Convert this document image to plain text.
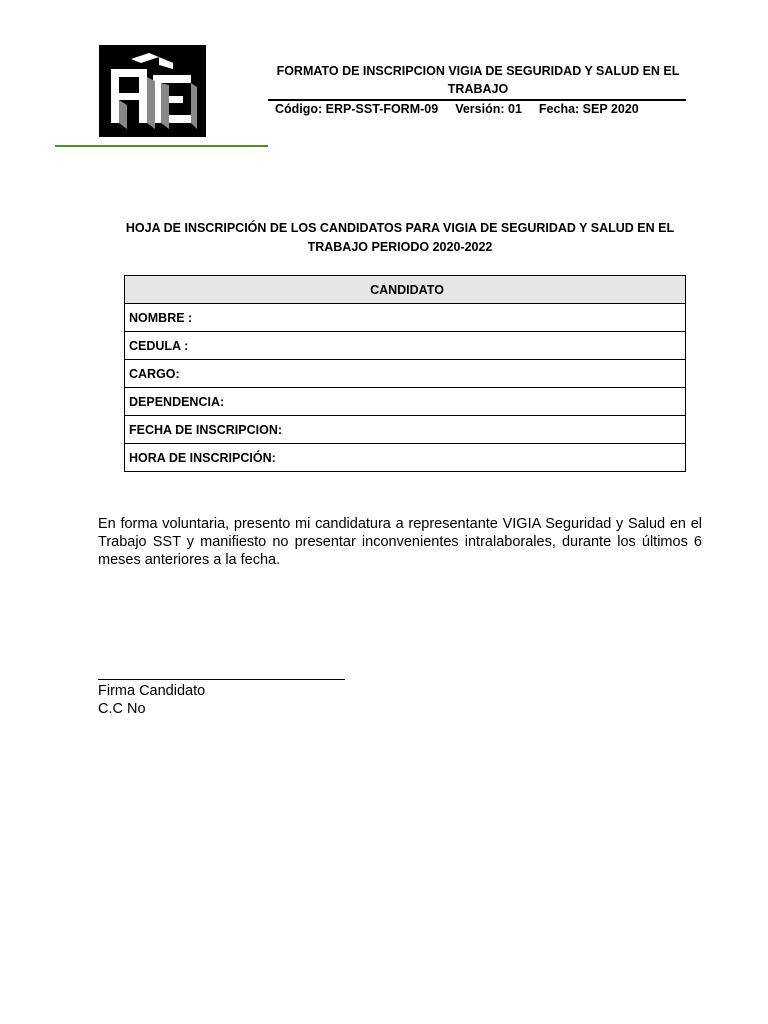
FORMATO DE INSCRIPCION VIGIA DE SEGURIDAD Y SALUD EN EL TRABAJO
Código: ERP-SST-FORM-09 Versión: 01 Fecha: SEP 2020
HOJA DE INSCRIPCIÓN DE LOS CANDIDATOS PARA VIGIA DE SEGURIDAD Y SALUD EN EL TRABAJO PERIODO 2020-2022
CANDIDATO
NOMBRE :
CEDULA :
CARGO:
DEPENDENCIA:
FECHA DE INSCRIPCION:
HORA DE INSCRIPCIÓN:
En forma voluntaria, presento mi candidatura a representante VIGIA Seguridad y Salud en el Trabajo SST y manifiesto no presentar inconvenientes intralaborales, durante los últimos 6 meses anteriores a la fecha.
Firma Candidato
C.C No
